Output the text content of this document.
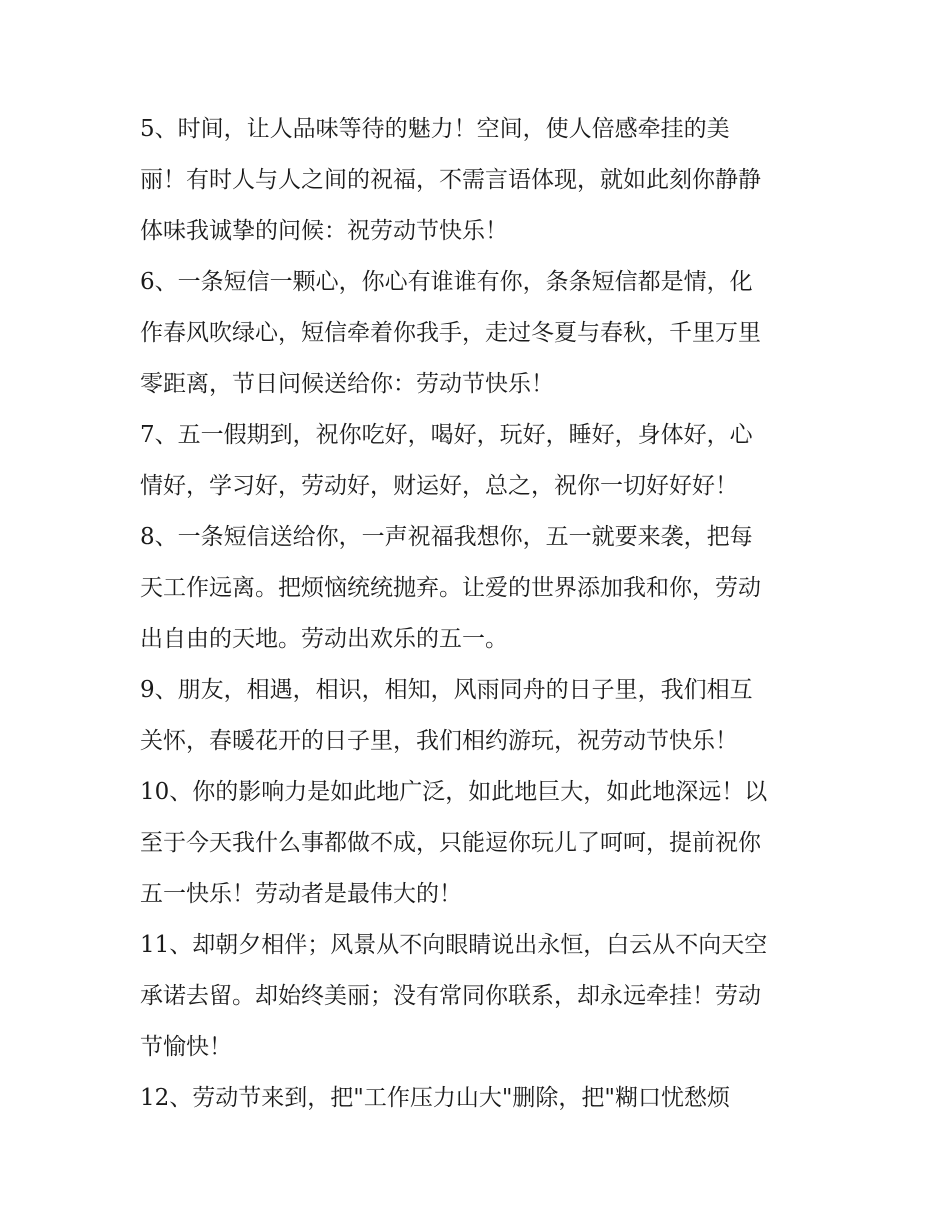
5、时间，让人品味等待的魅力！空间，使人倍感牵挂的美
丽！有时人与人之间的祝福，不需言语体现，就如此刻你静静
体味我诚挚的问候：祝劳动节快乐！
6、一条短信一颗心，你心有谁谁有你，条条短信都是情，化
作春风吹绿心，短信牵着你我手，走过冬夏与春秋，千里万里
零距离，节日问候送给你：劳动节快乐！
7、五一假期到，祝你吃好，喝好，玩好，睡好，身体好，心
情好，学习好，劳动好，财运好，总之，祝你一切好好好！
8、一条短信送给你，一声祝福我想你，五一就要来袭，把每
天工作远离。把烦恼统统抛弃。让爱的世界添加我和你，劳动
出自由的天地。劳动出欢乐的五一。
9、朋友，相遇，相识，相知，风雨同舟的日子里，我们相互
关怀，春暖花开的日子里，我们相约游玩，祝劳动节快乐！
10、你的影响力是如此地广泛，如此地巨大，如此地深远！以
至于今天我什么事都做不成，只能逗你玩儿了呵呵，提前祝你
五一快乐！劳动者是最伟大的！
11、却朝夕相伴；风景从不向眼睛说出永恒，白云从不向天空
承诺去留。却始终美丽；没有常同你联系，却永远牵挂！劳动
节愉快！
12、劳动节来到，把"工作压力山大"删除，把"糊口忧愁烦
